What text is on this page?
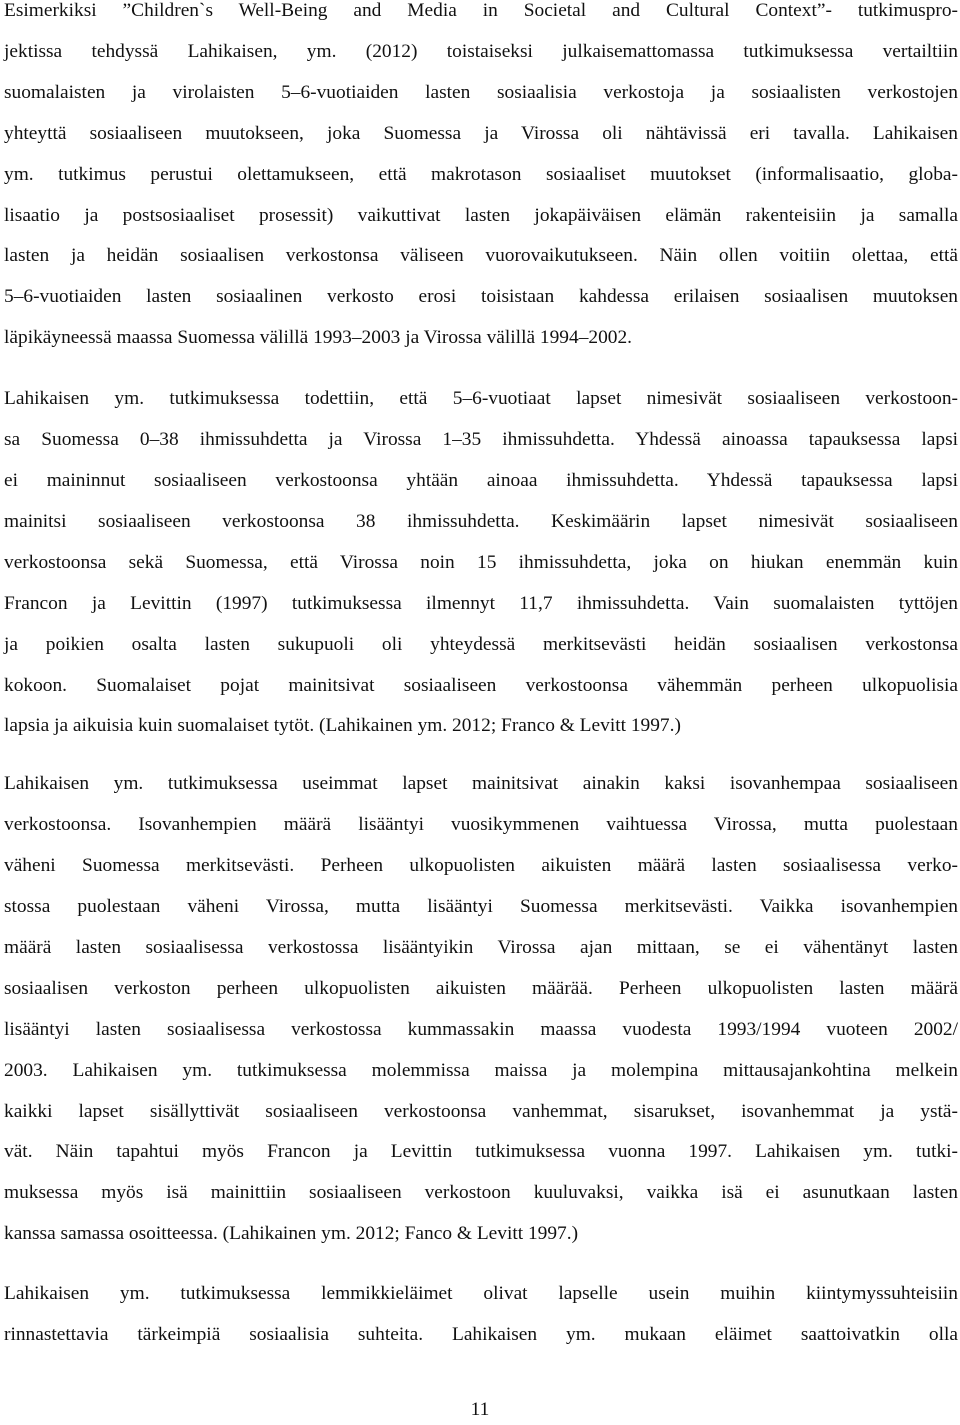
Esimerkiksi ”Children`s Well-Being and Media in Societal and Cultural Context”- tutkimuspro-
jektissa tehdyssä Lahikaisen, ym. (2012) toistaiseksi julkaisemattomassa tutkimuksessa vertailtiin
suomalaisten ja virolaisten 5–6-vuotiaiden lasten sosiaalisia verkostoja ja sosiaalisten verkostojen
yhteyttä sosiaaliseen muutokseen, joka Suomessa ja Virossa oli nähtävissä eri tavalla. Lahikaisen
ym. tutkimus perustui olettamukseen, että makrotason sosiaaliset muutokset (informalisaatio, globa-
lisaatio ja postsosiaaliset prosessit) vaikuttivat lasten jokapäiväisen elämän rakenteisiin ja samalla
lasten ja heidän sosiaalisen verkostonsa väliseen vuorovaikutukseen. Näin ollen voitiin olettaa, että
5–6-vuotiaiden lasten sosiaalinen verkosto erosi toisistaan kahdessa erilaisen sosiaalisen muutoksen
läpikäyneessä maassa Suomessa välillä 1993–2003 ja Virossa välillä 1994–2002.
Lahikaisen ym. tutkimuksessa todettiin, että 5–6-vuotiaat lapset nimesivät sosiaaliseen verkostoon-
sa Suomessa 0–38 ihmissuhdetta ja Virossa 1–35 ihmissuhdetta. Yhdessä ainoassa tapauksessa lapsi
ei maininnut sosiaaliseen verkostoonsa yhtään ainoaa ihmissuhdetta. Yhdessä tapauksessa lapsi
mainitsi sosiaaliseen verkostoonsa 38 ihmissuhdetta. Keskimäärin lapset nimesivät sosiaaliseen
verkostoonsa sekä Suomessa, että Virossa noin 15 ihmissuhdetta, joka on hiukan enemmän kuin
Francon ja Levittin (1997) tutkimuksessa ilmennyt 11,7 ihmissuhdetta. Vain suomalaisten tyttöjen
ja poikien osalta lasten sukupuoli oli yhteydessä merkitsevästi heidän sosiaalisen verkostonsa
kokoon. Suomalaiset pojat mainitsivat sosiaaliseen verkostoonsa vähemmän perheen ulkopuolisia
lapsia ja aikuisia kuin suomalaiset tytöt. (Lahikainen ym. 2012; Franco & Levitt 1997.)
Lahikaisen ym. tutkimuksessa useimmat lapset mainitsivat ainakin kaksi isovanhempaa sosiaaliseen
verkostoonsa. Isovanhempien määrä lisääntyi vuosikymmenen vaihtuessa Virossa, mutta puolestaan
väheni Suomessa merkitsevästi. Perheen ulkopuolisten aikuisten määrä lasten sosiaalisessa verko-
stossa puolestaan väheni Virossa, mutta lisääntyi Suomessa merkitsevästi. Vaikka isovanhempien
määrä lasten sosiaalisessa verkostossa lisääntyikin Virossa ajan mittaan, se ei vähentänyt lasten
sosiaalisen verkoston perheen ulkopuolisten aikuisten määrää. Perheen ulkopuolisten lasten määrä
lisääntyi lasten sosiaalisessa verkostossa kummassakin maassa vuodesta 1993/1994 vuoteen 2002/
2003. Lahikaisen ym. tutkimuksessa molemmissa maissa ja molempina mittausajankohtina melkein
kaikki lapset sisällyttivät sosiaaliseen verkostoonsa vanhemmat, sisarukset, isovanhemmat ja ystä-
vät. Näin tapahtui myös Francon ja Levittin tutkimuksessa vuonna 1997. Lahikaisen ym. tutki-
muksessa myös isä mainittiin sosiaaliseen verkostoon kuuluvaksi, vaikka isä ei asunutkaan lasten
kanssa samassa osoitteessa. (Lahikainen ym. 2012; Fanco & Levitt 1997.)
Lahikaisen ym. tutkimuksessa lemmikkieläimet olivat lapselle usein muihin kiintymyssuhteisiin
rinnastettavia tärkeimpiä sosiaalisia suhteita. Lahikaisen ym. mukaan eläimet saattoivatkin olla
11
